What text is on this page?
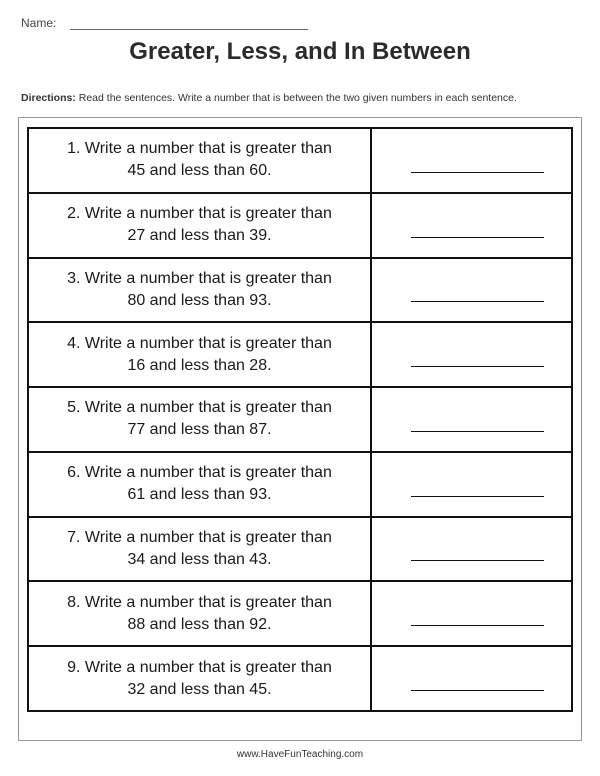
Name:
Greater, Less, and In Between
Directions: Read the sentences. Write a number that is between the two given numbers in each sentence.
1. Write a number that is greater than
45 and less than 60.	

2. Write a number that is greater than
27 and less than 39.	

3. Write a number that is greater than
80 and less than 93.	

4. Write a number that is greater than
16 and less than 28.	

5. Write a number that is greater than
77 and less than 87.	

6. Write a number that is greater than
61 and less than 93.	

7. Write a number that is greater than
34 and less than 43.	

8. Write a number that is greater than
88 and less than 92.	

9. Write a number that is greater than
32 and less than 45.	

www.HaveFunTeaching.com
